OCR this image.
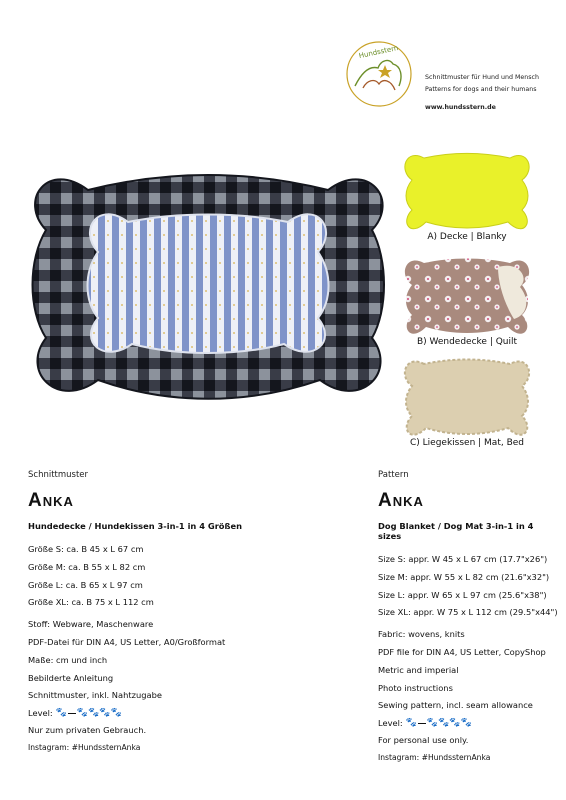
Hundsstern
Schnittmuster für Hund und Mensch
Patterns for dogs and their humans
www.hundsstern.de
A) Decke | Blanky
B) Wendedecke | Quilt
C) Liegekissen | Mat, Bed
Schnittmuster
Anka
Hundedecke / Hundekissen 3-in-1 in 4 Größen
Größe S: ca. B 45 x L 67 cm
Größe M: ca. B 55 x L 82 cm
Größe L: ca. B 65 x L 97 cm
Größe XL: ca. B 75 x L 112 cm
Stoff: Webware, Maschenware
PDF-Datei für DIN A4, US Letter, A0/Großformat
Maße: cm und inch
Bebilderte Anleitung
Schnittmuster, inkl. Nahtzugabe
Level: 🐾 🐾 🐾 🐾 🐾
Nur zum privaten Gebrauch.
Instagram: #HundssternAnka
Pattern
Anka
Dog Blanket / Dog Mat 3-in-1 in 4 sizes
Size S: appr. W 45 x L 67 cm (17.7"x26")
Size M: appr. W 55 x L 82 cm (21.6"x32")
Size L: appr. W 65 x L 97 cm (25.6"x38")
Size XL: appr. W 75 x L 112 cm (29.5"x44")
Fabric: wovens, knits
PDF file for DIN A4, US Letter, CopyShop
Metric and imperial
Photo instructions
Sewing pattern, incl. seam allowance
Level: 🐾 🐾 🐾 🐾 🐾
For personal use only.
Instagram: #HundssternAnka
